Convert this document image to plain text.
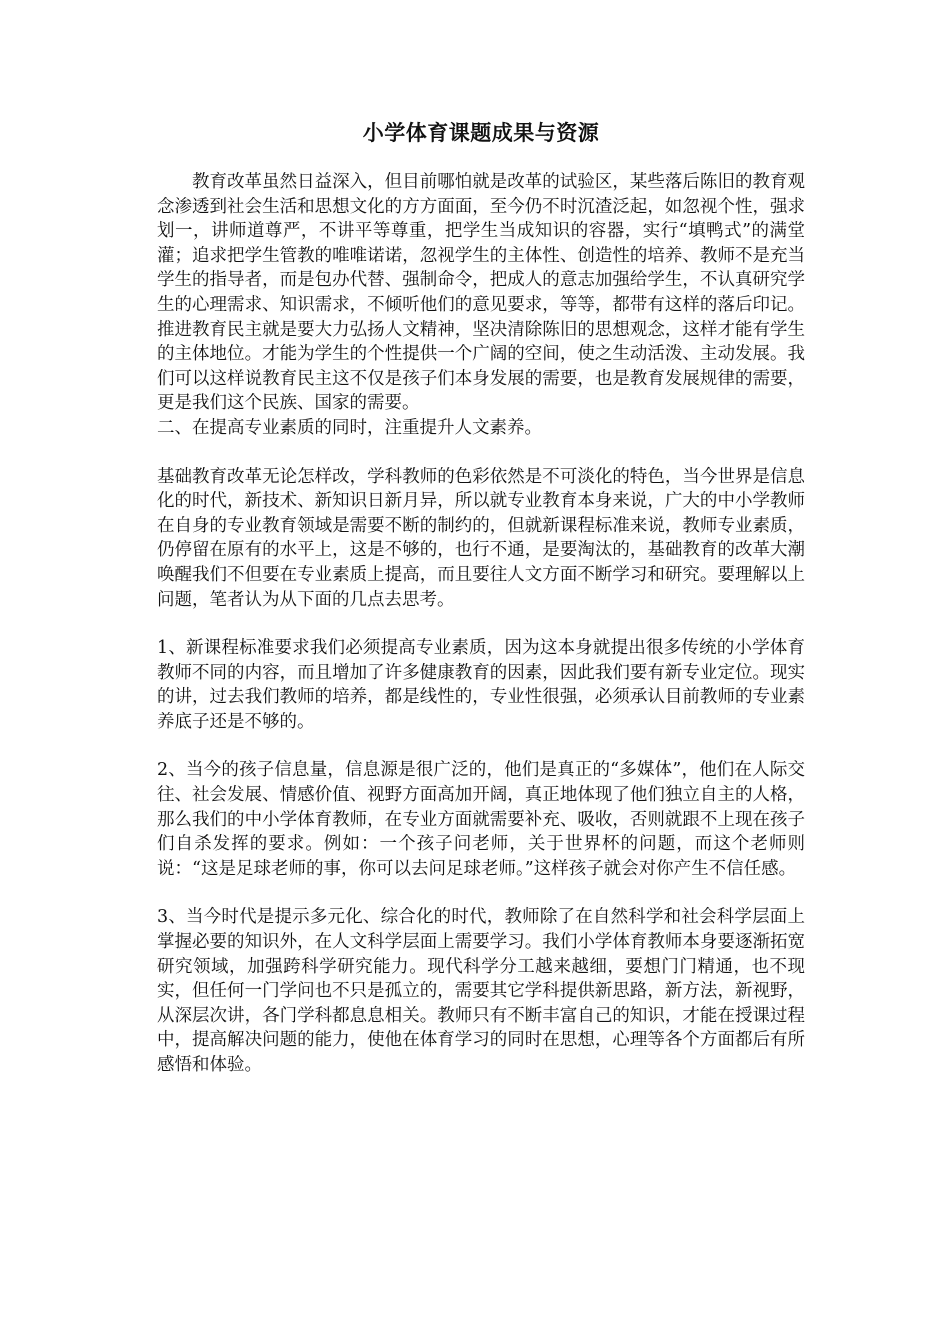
小学体育课题成果与资源

教育改革虽然日益深入，但目前哪怕就是改革的试验区，某些落后陈旧的教育观念渗透到社会生活和思想文化的方方面面，至今仍不时沉渣泛起，如忽视个性，强求划一，讲师道尊严，不讲平等尊重，把学生当成知识的容器，实行“填鸭式”的满堂灌；追求把学生管教的唯唯诺诺，忽视学生的主体性、创造性的培养、教师不是充当学生的指导者，而是包办代替、强制命令，把成人的意志加强给学生，不认真研究学生的心理需求、知识需求，不倾听他们的意见要求，等等，都带有这样的落后印记。推进教育民主就是要大力弘扬人文精神，坚决清除陈旧的思想观念，这样才能有学生的主体地位。才能为学生的个性提供一个广阔的空间，使之生动活泼、主动发展。我们可以这样说教育民主这不仅是孩子们本身发展的需要，也是教育发展规律的需要，更是我们这个民族、国家的需要。

二、在提高专业素质的同时，注重提升人文素养。

基础教育改革无论怎样改，学科教师的色彩依然是不可淡化的特色，当今世界是信息化的时代，新技术、新知识日新月异，所以就专业教育本身来说，广大的中小学教师在自身的专业教育领域是需要不断的制约的，但就新课程标准来说，教师专业素质，仍停留在原有的水平上，这是不够的，也行不通，是要淘汰的，基础教育的改革大潮唤醒我们不但要在专业素质上提高，而且要往人文方面不断学习和研究。要理解以上问题，笔者认为从下面的几点去思考。

1、新课程标准要求我们必须提高专业素质，因为这本身就提出很多传统的小学体育教师不同的内容，而且增加了许多健康教育的因素，因此我们要有新专业定位。现实的讲，过去我们教师的培养，都是线性的，专业性很强，必须承认目前教师的专业素养底子还是不够的。

2、当今的孩子信息量，信息源是很广泛的，他们是真正的“多媒体”，他们在人际交往、社会发展、情感价值、视野方面高加开阔，真正地体现了他们独立自主的人格，那么我们的中小学体育教师，在专业方面就需要补充、吸收，否则就跟不上现在孩子们自杀发挥的要求。例如：一个孩子问老师，关于世界杯的问题，而这个老师则说：“这是足球老师的事，你可以去问足球老师。”这样孩子就会对你产生不信任感。

3、当今时代是提示多元化、综合化的时代，教师除了在自然科学和社会科学层面上掌握必要的知识外，在人文科学层面上需要学习。我们小学体育教师本身要逐渐拓宽研究领域，加强跨科学研究能力。现代科学分工越来越细，要想门门精通，也不现实，但任何一门学问也不只是孤立的，需要其它学科提供新思路，新方法，新视野，从深层次讲，各门学科都息息相关。教师只有不断丰富自己的知识，才能在授课过程中，提高解决问题的能力，使他在体育学习的同时在思想，心理等各个方面都后有所感悟和体验。
